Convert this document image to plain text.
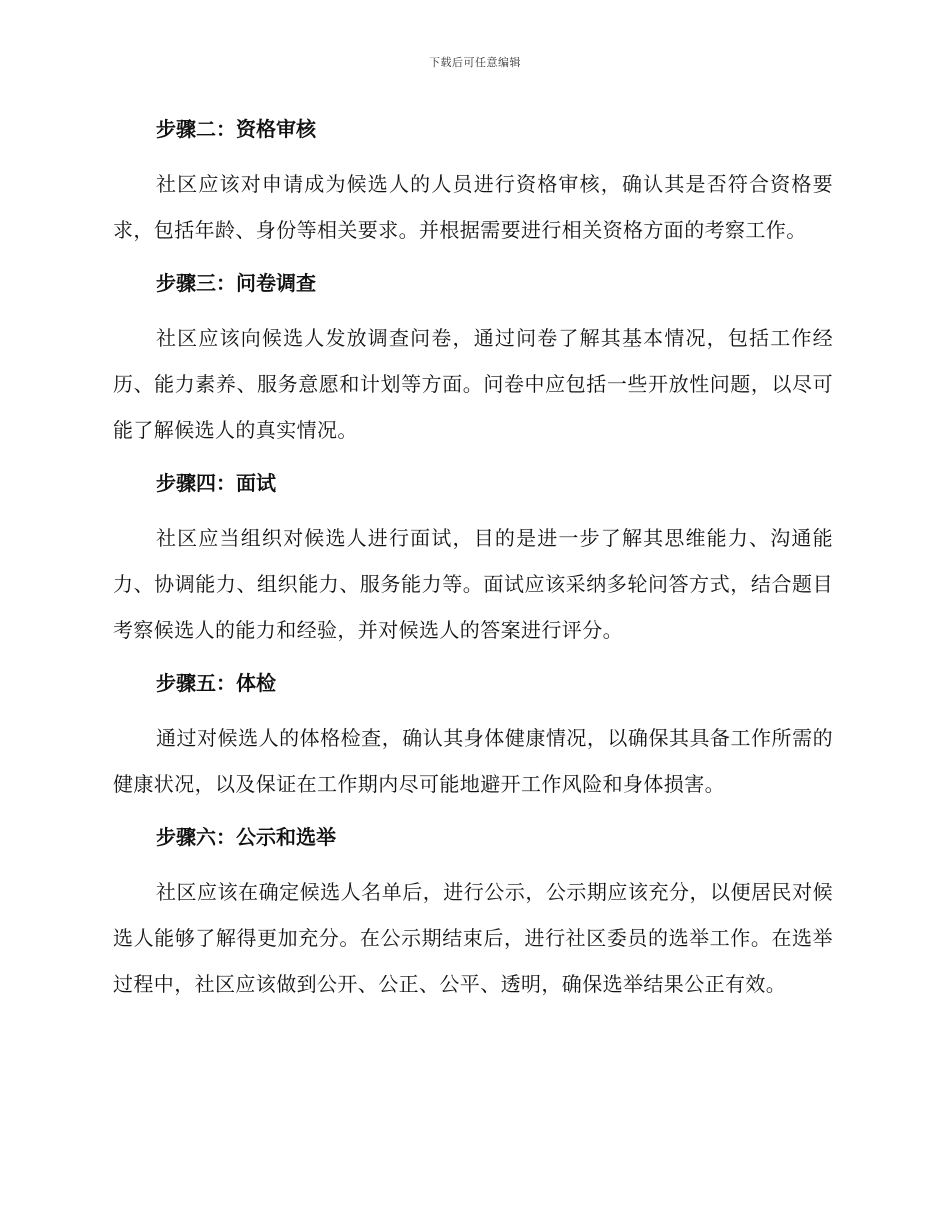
下载后可任意编辑
步骤二：资格审核
社区应该对申请成为候选人的人员进行资格审核，确认其是否符合资格要求，包括年龄、身份等相关要求。并根据需要进行相关资格方面的考察工作。
步骤三：问卷调查
社区应该向候选人发放调查问卷，通过问卷了解其基本情况，包括工作经历、能力素养、服务意愿和计划等方面。问卷中应包括一些开放性问题，以尽可能了解候选人的真实情况。
步骤四：面试
社区应当组织对候选人进行面试，目的是进一步了解其思维能力、沟通能力、协调能力、组织能力、服务能力等。面试应该采纳多轮问答方式，结合题目考察候选人的能力和经验，并对候选人的答案进行评分。
步骤五：体检
通过对候选人的体格检查，确认其身体健康情况，以确保其具备工作所需的健康状况，以及保证在工作期内尽可能地避开工作风险和身体损害。
步骤六：公示和选举
社区应该在确定候选人名单后，进行公示，公示期应该充分，以便居民对候选人能够了解得更加充分。在公示期结束后，进行社区委员的选举工作。在选举过程中，社区应该做到公开、公正、公平、透明，确保选举结果公正有效。
